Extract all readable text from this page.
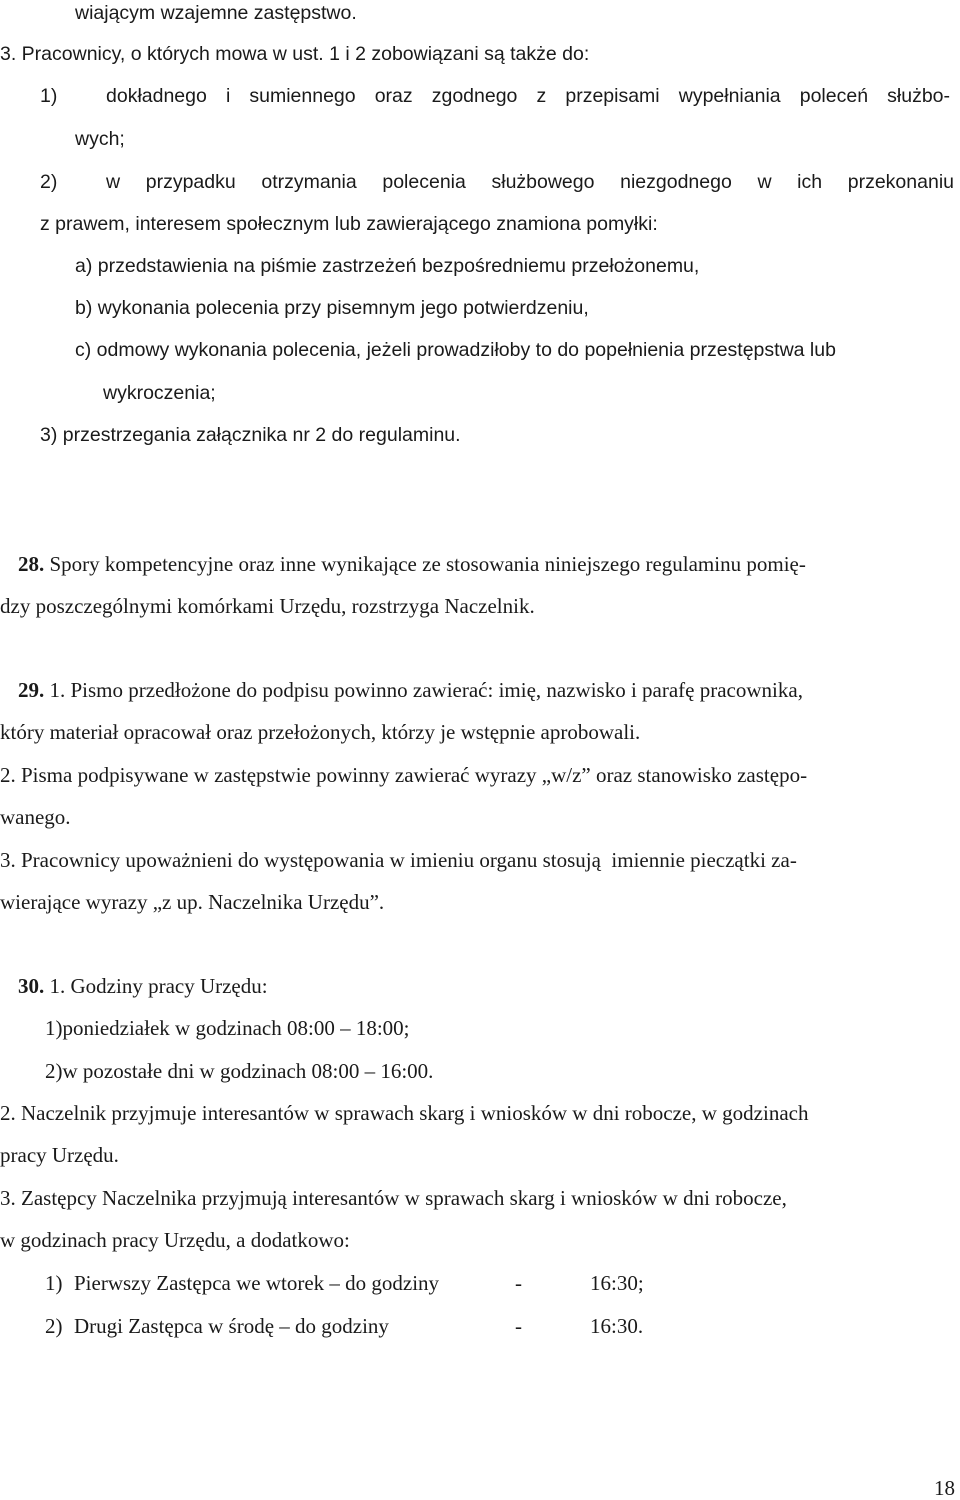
wiającym wzajemne zastępstwo.
3. Pracownicy, o których mowa w ust. 1 i 2 zobowiązani są także do:
1) dokładnego i sumiennego oraz zgodnego z przepisami wypełniania poleceń służbo-
wych;
2) w przypadku otrzymania polecenia służbowego niezgodnego w ich przekonaniu
z prawem, interesem społecznym lub zawierającego znamiona pomyłki:
a) przedstawienia na piśmie zastrzeżeń bezpośredniemu przełożonemu,
b) wykonania polecenia przy pisemnym jego potwierdzeniu,
c) odmowy wykonania polecenia, jeżeli prowadziłoby to do popełnienia przestępstwa lub
wykroczenia;
3) przestrzegania załącznika nr 2 do regulaminu.
28. Spory kompetencyjne oraz inne wynikające ze stosowania niniejszego regulaminu pomię-
dzy poszczególnymi komórkami Urzędu, rozstrzyga Naczelnik.
29. 1. Pismo przedłożone do podpisu powinno zawierać: imię, nazwisko i parafę pracownika,
który materiał opracował oraz przełożonych, którzy je wstępnie aprobowali.
2. Pisma podpisywane w zastępstwie powinny zawierać wyrazy „w/z” oraz stanowisko zastępo-
wanego.
3. Pracownicy upoważnieni do występowania w imieniu organu stosują  imiennie pieczątki za-
wierające wyrazy „z up. Naczelnika Urzędu”.
30. 1. Godziny pracy Urzędu:
1)poniedziałek w godzinach 08:00 – 18:00;
2)w pozostałe dni w godzinach 08:00 – 16:00.
2. Naczelnik przyjmuje interesantów w sprawach skarg i wniosków w dni robocze, w godzinach
pracy Urzędu.
3. Zastępcy Naczelnika przyjmują interesantów w sprawach skarg i wniosków w dni robocze,
w godzinach pracy Urzędu, a dodatkowo:
1) Pierwszy Zastępca we wtorek – do godziny	-	16:30;
2) Drugi Zastępca w środę – do godziny	-	16:30.
18
